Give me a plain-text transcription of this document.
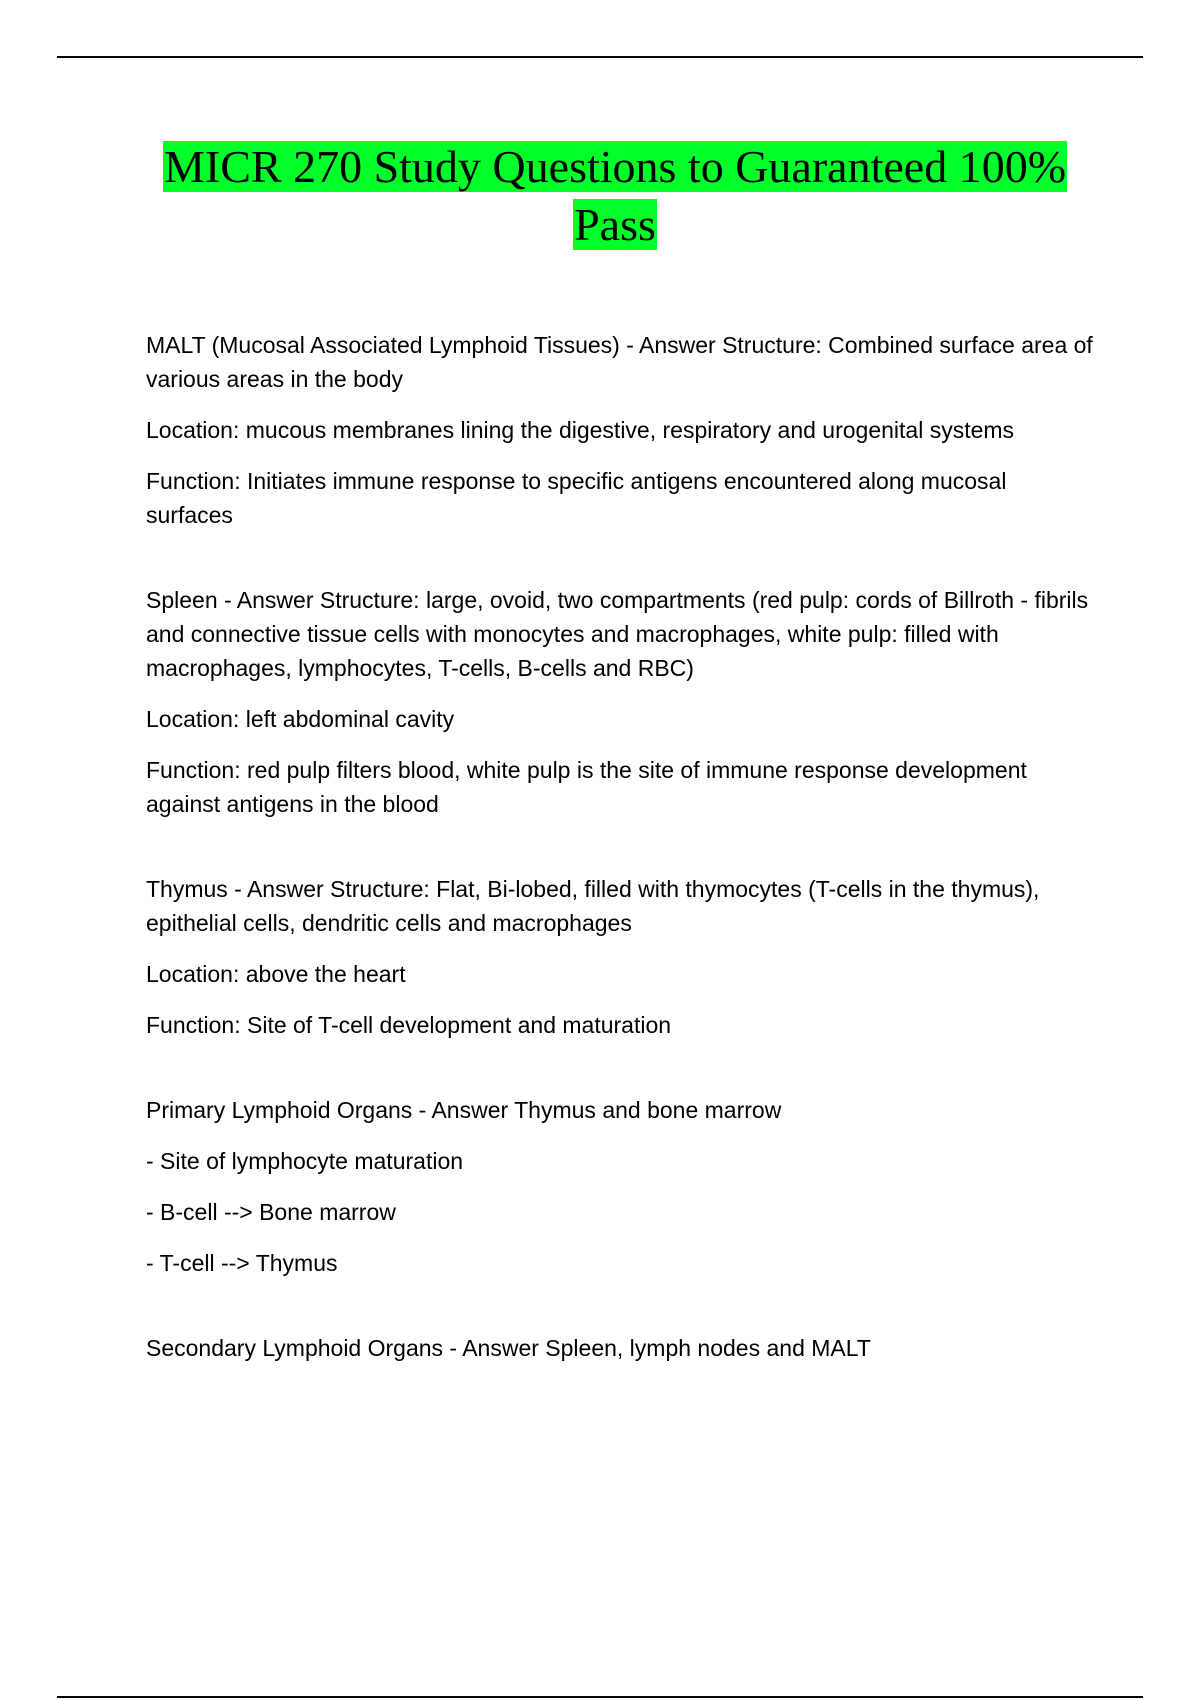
MICR 270 Study Questions to Guaranteed 100%
Pass

MALT (Mucosal Associated Lymphoid Tissues) - Answer Structure: Combined surface area of various areas in the body

Location: mucous membranes lining the digestive, respiratory and urogenital systems

Function: Initiates immune response to specific antigens encountered along mucosal surfaces

Spleen - Answer Structure: large, ovoid, two compartments (red pulp: cords of Billroth - fibrils and connective tissue cells with monocytes and macrophages, white pulp: filled with macrophages, lymphocytes, T-cells, B-cells and RBC)

Location: left abdominal cavity

Function: red pulp filters blood, white pulp is the site of immune response development against antigens in the blood

Thymus - Answer Structure: Flat, Bi-lobed, filled with thymocytes (T-cells in the thymus), epithelial cells, dendritic cells and macrophages

Location: above the heart

Function: Site of T-cell development and maturation

Primary Lymphoid Organs - Answer Thymus and bone marrow

- Site of lymphocyte maturation

- B-cell --> Bone marrow

- T-cell --> Thymus

Secondary Lymphoid Organs - Answer Spleen, lymph nodes and MALT
